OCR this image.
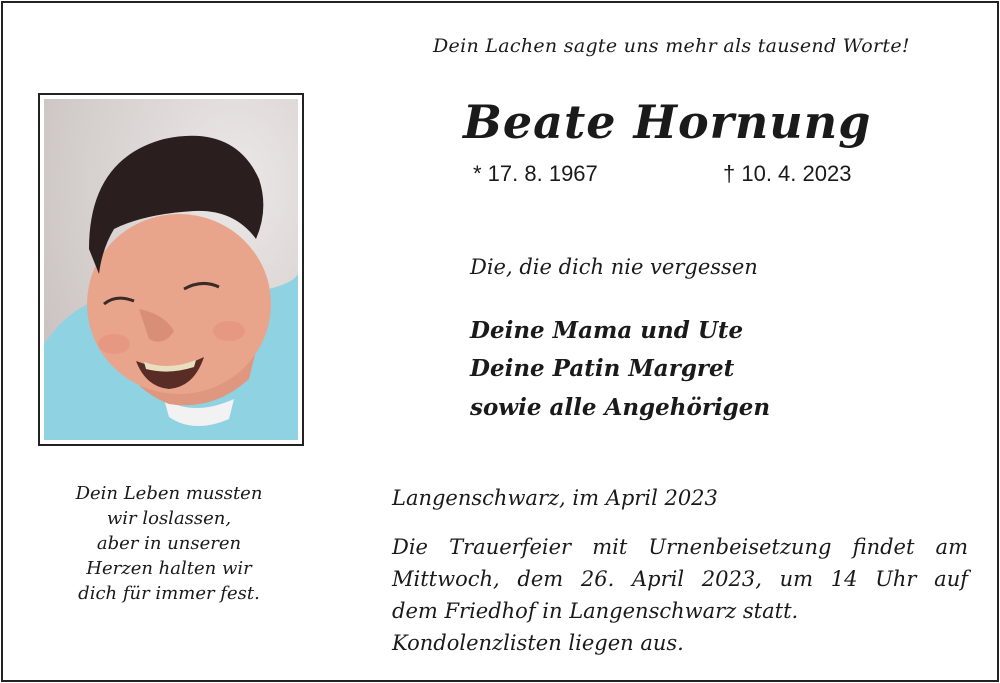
Dein Lachen sagte uns mehr als tausend Worte!
Beate Hornung
* 17. 8. 1967	† 10. 4. 2023
Die, die dich nie vergessen
Deine Mama und Ute
Deine Patin Margret
sowie alle Angehörigen
Langenschwarz, im April 2023
Die Trauerfeier mit Urnenbeisetzung findet am
Mittwoch, dem 26. April 2023, um 14 Uhr auf
dem Friedhof in Langenschwarz statt.
Kondolenzlisten liegen aus.
Dein Leben mussten
wir loslassen,
aber in unseren
Herzen halten wir
dich für immer fest.
